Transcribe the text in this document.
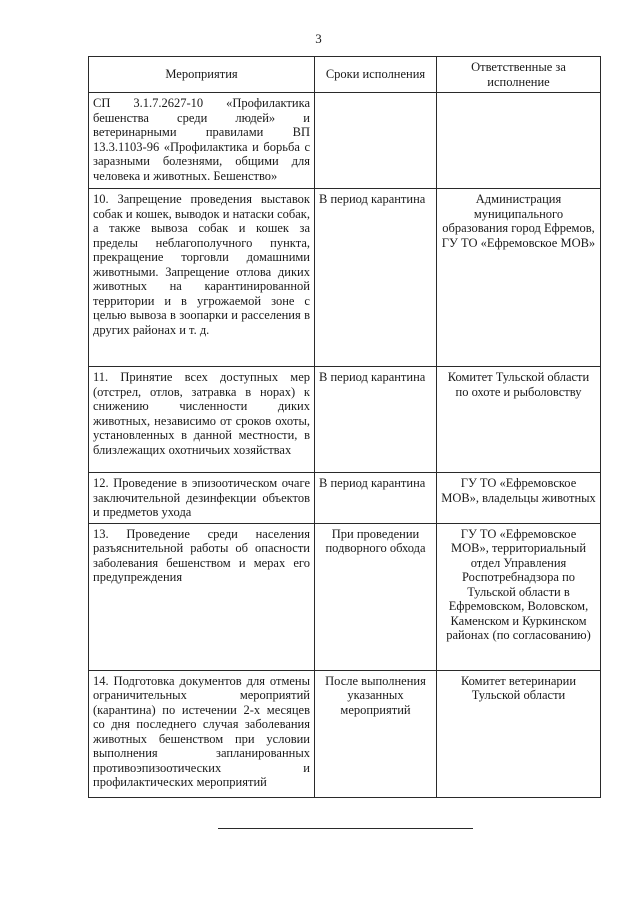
3
Мероприятия	Сроки исполнения	Ответственные за исполнение
СП 3.1.7.2627-10 «Профилактика бешенства среди людей» и ветеринарными правилами ВП 13.3.1103-96 «Профилактика и борьба с заразными болезнями, общими для человека и животных. Бешенство»		
10. Запрещение проведения выставок собак и кошек, выводок и натаски собак, а также вывоза собак и кошек за пределы неблагополучного пункта, прекращение торговли домашними животными. Запрещение отлова диких животных на карантинированной территории и в угрожаемой зоне с целью вывоза в зоопарки и расселения в других районах и т. д.	В период карантина	Администрация муниципального образования город Ефремов, ГУ ТО «Ефремовское МОВ»
11. Принятие всех доступных мер (отстрел, отлов, затравка в норах) к снижению численности диких животных, независимо от сроков охоты, установленных в данной местности, в близлежащих охотничьих хозяйствах	В период карантина	Комитет Тульской области по охоте и рыболовству
12. Проведение в эпизоотическом очаге заключительной дезинфекции объектов и предметов ухода	В период карантина	ГУ ТО «Ефремовское МОВ», владельцы животных
13. Проведение среди населения разъяснительной работы об опасности заболевания бешенством и мерах его предупреждения	При проведении подворного обхода	ГУ ТО «Ефремовское МОВ», территориальный отдел Управления Роспотребнадзора по Тульской области в Ефремовском, Воловском, Каменском и Куркинском районах (по согласованию)
14. Подготовка документов для отмены ограничительных мероприятий (карантина) по истечении 2-х месяцев со дня последнего случая заболевания животных бешенством при условии выполнения запланированных противоэпизоотических и профилактических мероприятий	После выполнения указанных мероприятий	Комитет ветеринарии Тульской области
